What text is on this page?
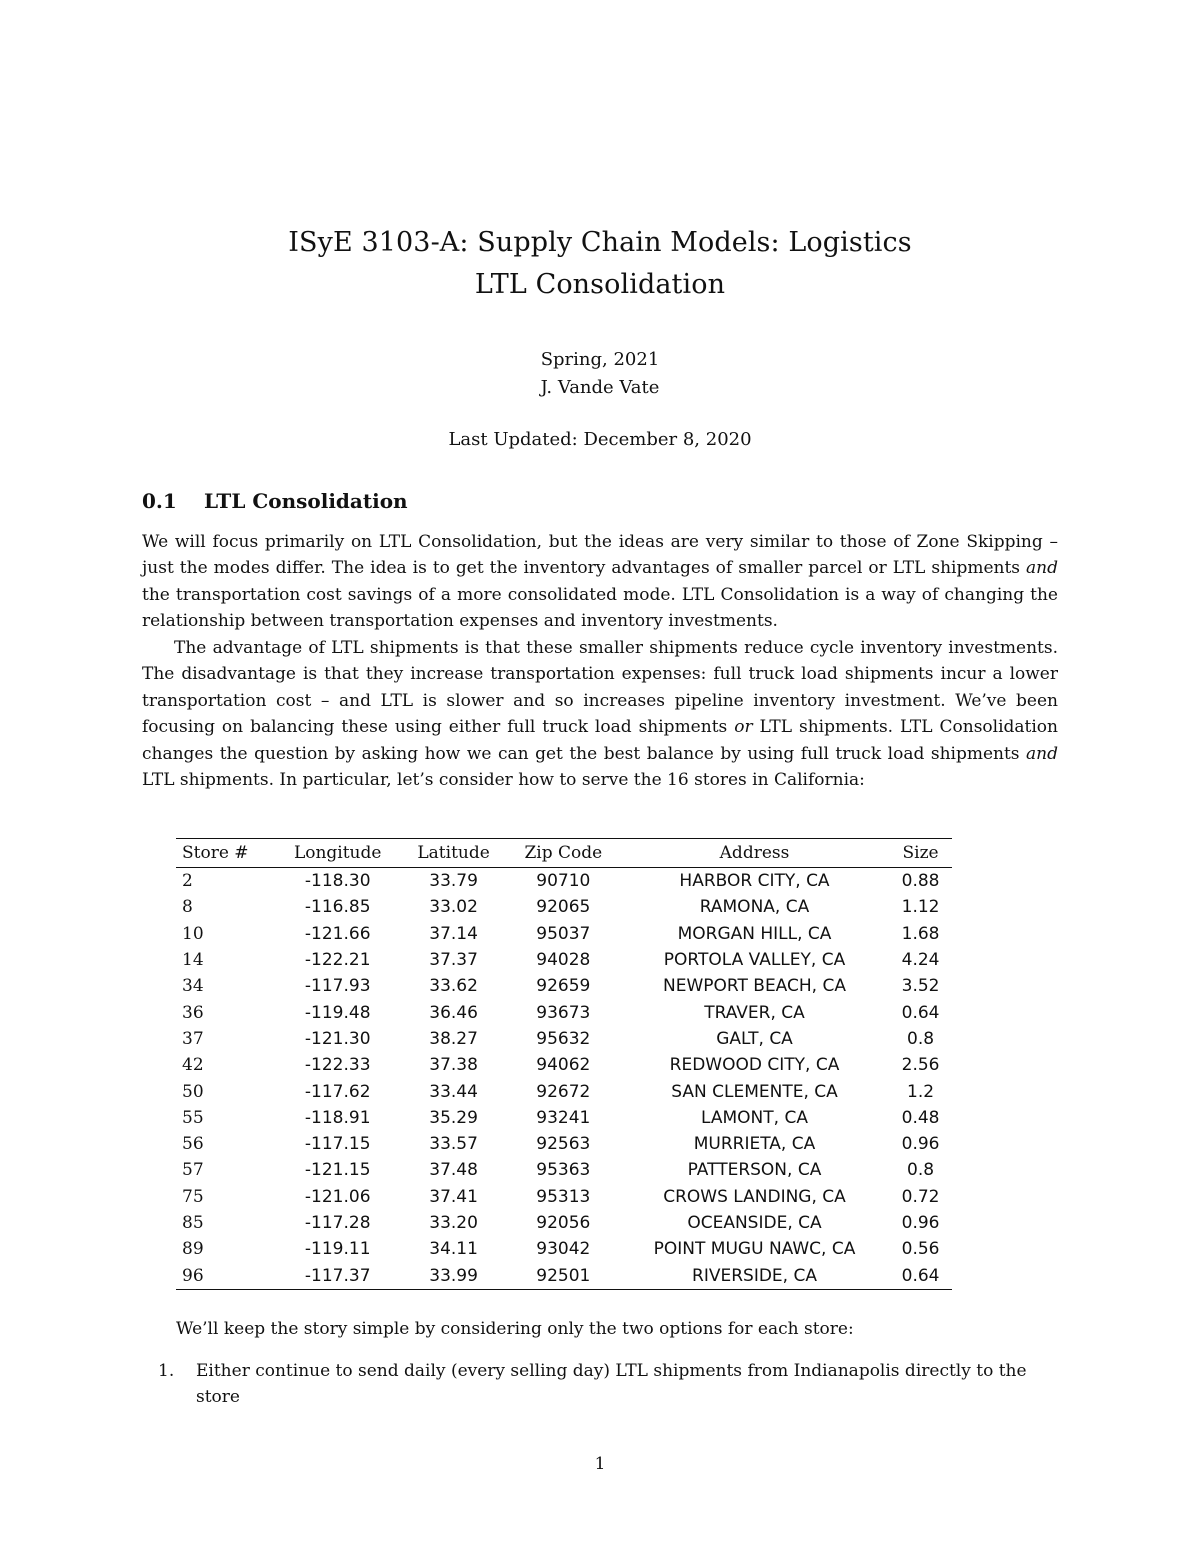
ISyE 3103-A: Supply Chain Models: Logistics
LTL Consolidation
Spring, 2021
J. Vande Vate
Last Updated: December 8, 2020
0.1 LTL Consolidation
We will focus primarily on LTL Consolidation, but the ideas are very similar to those of Zone Skipping – just the modes differ. The idea is to get the inventory advantages of smaller parcel or LTL shipments and the transportation cost savings of a more consolidated mode. LTL Consolidation is a way of changing the relationship between transportation expenses and inventory investments.
The advantage of LTL shipments is that these smaller shipments reduce cycle inventory investments. The disadvantage is that they increase transportation expenses: full truck load shipments incur a lower transportation cost – and LTL is slower and so increases pipeline inventory investment. We’ve been focusing on balancing these using either full truck load shipments or LTL shipments. LTL Consolidation changes the question by asking how we can get the best balance by using full truck load shipments and LTL shipments. In particular, let’s consider how to serve the 16 stores in California:
Store #	Longitude	Latitude	Zip Code	Address	Size
2	-118.30	33.79	90710	HARBOR CITY, CA	0.88
8	-116.85	33.02	92065	RAMONA, CA	1.12
10	-121.66	37.14	95037	MORGAN HILL, CA	1.68
14	-122.21	37.37	94028	PORTOLA VALLEY, CA	4.24
34	-117.93	33.62	92659	NEWPORT BEACH, CA	3.52
36	-119.48	36.46	93673	TRAVER, CA	0.64
37	-121.30	38.27	95632	GALT, CA	0.8
42	-122.33	37.38	94062	REDWOOD CITY, CA	2.56
50	-117.62	33.44	92672	SAN CLEMENTE, CA	1.2
55	-118.91	35.29	93241	LAMONT, CA	0.48
56	-117.15	33.57	92563	MURRIETA, CA	0.96
57	-121.15	37.48	95363	PATTERSON, CA	0.8
75	-121.06	37.41	95313	CROWS LANDING, CA	0.72
85	-117.28	33.20	92056	OCEANSIDE, CA	0.96
89	-119.11	34.11	93042	POINT MUGU NAWC, CA	0.56
96	-117.37	33.99	92501	RIVERSIDE, CA	0.64
We’ll keep the story simple by considering only the two options for each store:
1. Either continue to send daily (every selling day) LTL shipments from Indianapolis directly to the store
1
